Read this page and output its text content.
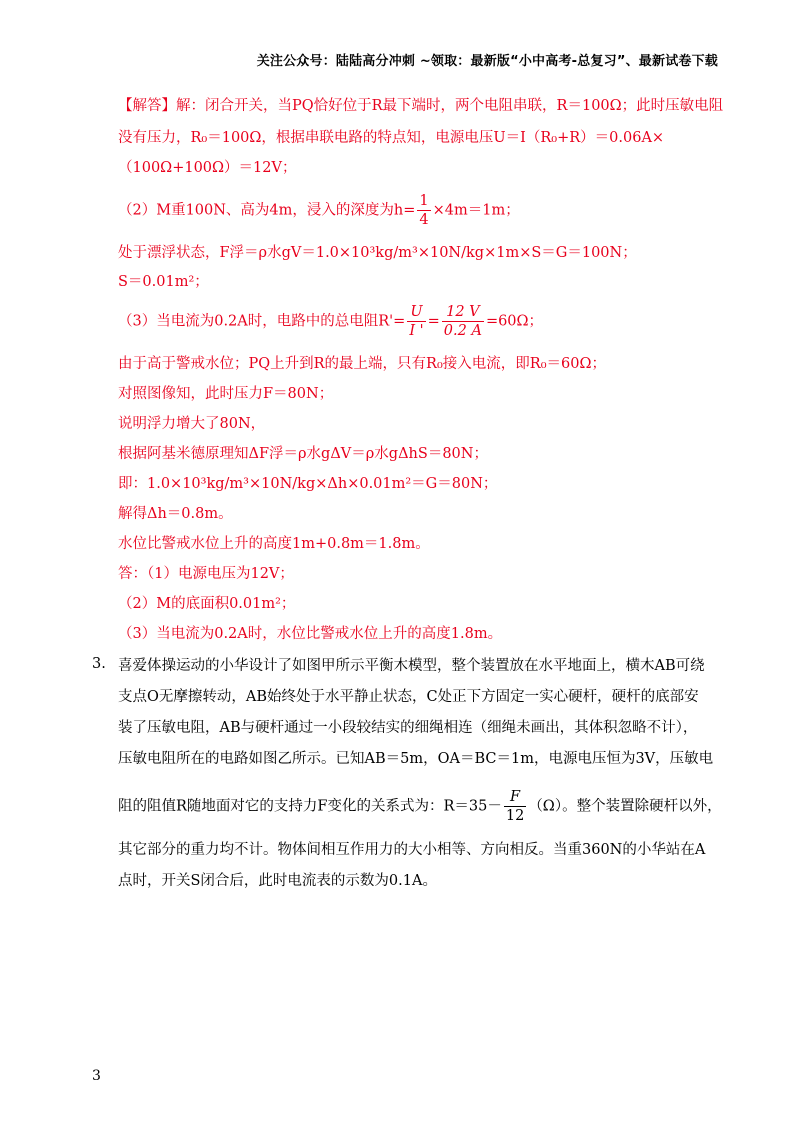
关注公众号：陆陆高分冲刺 ~领取：最新版“小中高考-总复习”、最新试卷下载
【解答】解：闭合开关，当PQ恰好位于R最下端时，两个电阻串联，R＝100Ω；此时压敏电阻
没有压力，R₀＝100Ω，根据串联电路的特点知，电源电压U＝I（R₀+R）＝0.06A×
（100Ω+100Ω）＝12V；
（2）M重100N、高为4m，浸入的深度为$h= \frac{1}{4} \times 4m=1m$；
处于漂浮状态，F浮＝ρ水gV＝1.0×10³kg/m³×10N/kg×1m×S＝G＝100N；
S＝0.01m²；
（3）当电流为0.2A时，电路中的总电阻$R'= \frac{U}{I '} = \frac{12 V}{0.2 A} =60\Omega$；
由于高于警戒水位；PQ上升到R的最上端，只有R₀接入电流，即R₀＝60Ω；
对照图像知，此时压力F＝80N；
说明浮力增大了80N，
根据阿基米德原理知ΔF浮＝ρ水gΔV＝ρ水gΔhS＝80N；
即：1.0×10³kg/m³×10N/kg×Δh×0.01m²＝G＝80N；
解得Δh＝0.8m。
水位比警戒水位上升的高度1m+0.8m＝1.8m。
答：（1）电源电压为12V；
（2）M的底面积0.01m²；
（3）当电流为0.2A时，水位比警戒水位上升的高度1.8m。
3. 喜爱体操运动的小华设计了如图甲所示平衡木模型，整个装置放在水平地面上，横木AB可绕
支点O无摩擦转动，AB始终处于水平静止状态，C处正下方固定一实心硬杆，硬杆的底部安
装了压敏电阻，AB与硬杆通过一小段较结实的细绳相连（细绳未画出，其体积忽略不计），
压敏电阻所在的电路如图乙所示。已知AB＝5m，OA＝BC＝1m，电源电压恒为3V，压敏电
阻的阻值R随地面对它的支持力F变化的关系式为：$R=35- \frac{F}{12} (\Omega)$。整个装置除硬杆以外，
其它部分的重力均不计。物体间相互作用力的大小相等、方向相反。当重360N的小华站在A
点时，开关S闭合后，此时电流表的示数为0.1A。
3
